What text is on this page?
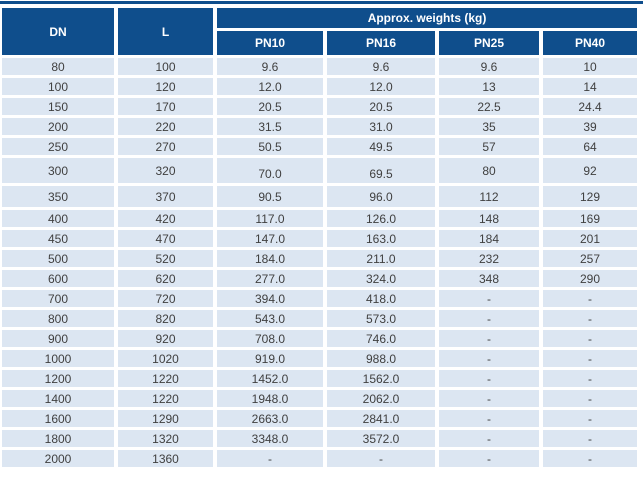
DN	L	Approx. weights (kg)			
		PN10	PN16	PN25	PN40
80	100	9.6	9.6	9.6	10
100	120	12.0	12.0	13	14
150	170	20.5	20.5	22.5	24.4
200	220	31.5	31.0	35	39
250	270	50.5	49.5	57	64
300	320	70.0	69.5	80	92
350	370	90.5	96.0	112	129
400	420	117.0	126.0	148	169
450	470	147.0	163.0	184	201
500	520	184.0	211.0	232	257
600	620	277.0	324.0	348	290
700	720	394.0	418.0	-	-
800	820	543.0	573.0	-	-
900	920	708.0	746.0	-	-
1000	1020	919.0	988.0	-	-
1200	1220	1452.0	1562.0	-	-
1400	1220	1948.0	2062.0	-	-
1600	1290	2663.0	2841.0	-	-
1800	1320	3348.0	3572.0	-	-
2000	1360	-	-	-	-
